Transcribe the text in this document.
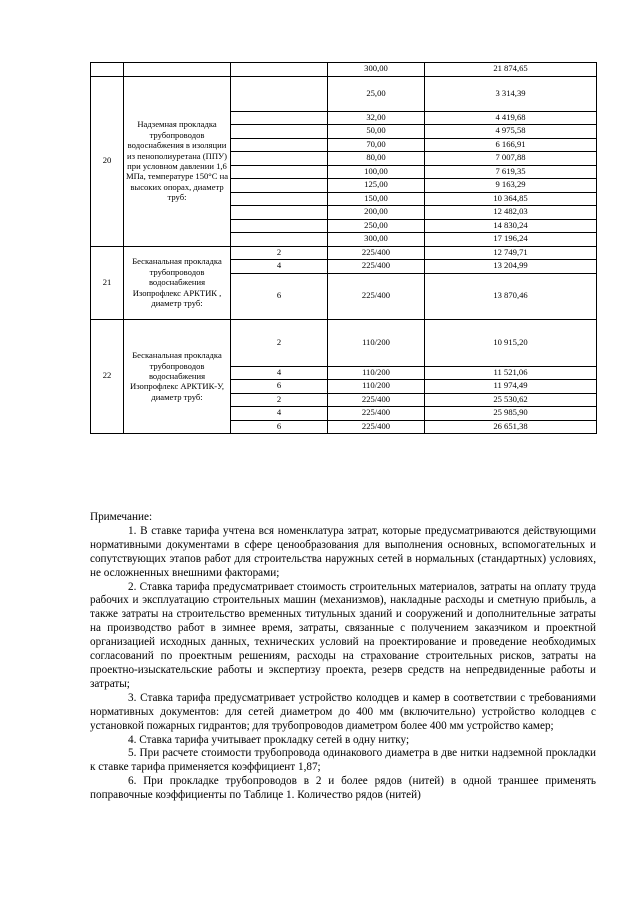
			300,00	21 874,65
20	Надземная прокладка трубопроводов водоснабжения в изоляции из пенополиуретана (ППУ) при условном давлении 1,6 МПа, температуре 150°С на высоких опорах, диаметр труб:		25,00	3 314,39
			32,00	4 419,68
			50,00	4 975,58
			70,00	6 166,91
			80,00	7 007,88
			100,00	7 619,35
			125,00	9 163,29
			150,00	10 364,85
			200,00	12 482,03
			250,00	14 830,24
			300,00	17 196,24
21	Бесканальная прокладка трубопроводов водоснабжения Изопрофлекс АРКТИК , диаметр труб:	2	225/400	12 749,71
		4	225/400	13 204,99
		6	225/400	13 870,46
22	Бесканальная прокладка трубопроводов водоснабжения Изопрофлекс АРКТИК-У, диаметр труб:	2	110/200	10 915,20
		4	110/200	11 521,06
		6	110/200	11 974,49
		2	225/400	25 530,62
		4	225/400	25 985,90
		6	225/400	26 651,38
Примечание:

1. В ставке тарифа учтена вся номенклатура затрат, которые предусматриваются действующими нормативными документами в сфере ценообразования для выполнения основных, вспомогательных и сопутствующих этапов работ для строительства наружных сетей в нормальных (стандартных) условиях, не осложненных внешними факторами;

2. Ставка тарифа предусматривает стоимость строительных материалов, затраты на оплату труда рабочих и эксплуатацию строительных машин (механизмов), накладные расходы и сметную прибыль, а также затраты на строительство временных титульных зданий и сооружений и дополнительные затраты на производство работ в зимнее время, затраты, связанные с получением заказчиком и проектной организацией исходных данных, технических условий на проектирование и проведение необходимых согласований по проектным решениям, расходы на страхование строительных рисков, затраты на проектно-изыскательские работы и экспертизу проекта, резерв средств на непредвиденные работы и затраты;

3. Ставка тарифа предусматривает устройство колодцев и камер в соответствии с требованиями нормативных документов: для сетей диаметром до 400 мм (включительно) устройство колодцев с установкой пожарных гидрантов; для трубопроводов диаметром более 400 мм устройство камер;

4. Ставка тарифа учитывает прокладку сетей в одну нитку;

5. При расчете стоимости трубопровода одинакового диаметра в две нитки надземной прокладки к ставке тарифа применяется коэффициент 1,87;

6. При прокладке трубопроводов в 2 и более рядов (нитей) в одной траншее применять поправочные коэффициенты по Таблице 1. Количество рядов (нитей)
